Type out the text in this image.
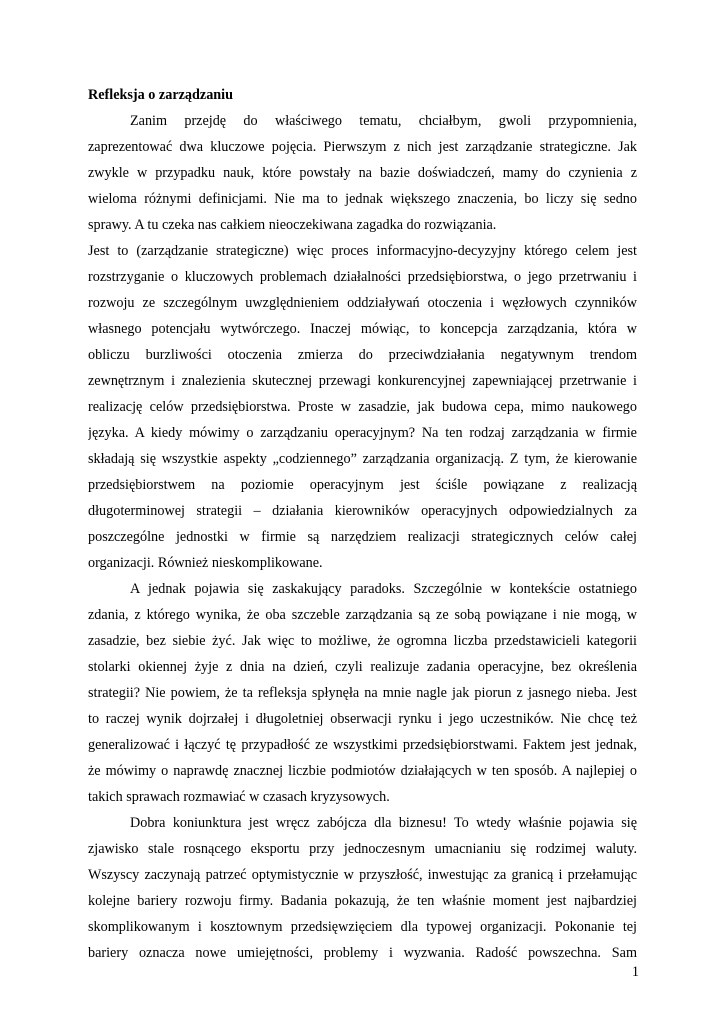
Refleksja o zarządzaniu
Zanim przejdę do właściwego tematu, chciałbym, gwoli przypomnienia,
zaprezentować dwa kluczowe pojęcia. Pierwszym z nich jest zarządzanie strategiczne. Jak
zwykle w przypadku nauk, które powstały na bazie doświadczeń, mamy do czynienia z
wieloma różnymi definicjami. Nie ma to jednak większego znaczenia, bo liczy się sedno
sprawy. A tu czeka nas całkiem nieoczekiwana zagadka do rozwiązania.
Jest to (zarządzanie strategiczne) więc proces informacyjno-decyzyjny którego celem jest
rozstrzyganie o kluczowych problemach działalności przedsiębiorstwa, o jego przetrwaniu i
rozwoju ze szczególnym uwzględnieniem oddziaływań otoczenia i węzłowych czynników
własnego potencjału wytwórczego. Inaczej mówiąc, to koncepcja zarządzania, która w
obliczu burzliwości otoczenia zmierza do przeciwdziałania negatywnym trendom
zewnętrznym i znalezienia skutecznej przewagi konkurencyjnej zapewniającej przetrwanie i
realizację celów przedsiębiorstwa. Proste w zasadzie, jak budowa cepa, mimo naukowego
języka. A kiedy mówimy o zarządzaniu operacyjnym? Na ten rodzaj zarządzania w firmie
składają się wszystkie aspekty „codziennego” zarządzania organizacją. Z tym, że kierowanie
przedsiębiorstwem na poziomie operacyjnym jest ściśle powiązane z realizacją
długoterminowej strategii – działania kierowników operacyjnych odpowiedzialnych za
poszczególne jednostki w firmie są narzędziem realizacji strategicznych celów całej
organizacji. Również nieskomplikowane.
A jednak pojawia się zaskakujący paradoks. Szczególnie w kontekście ostatniego
zdania, z którego wynika, że oba szczeble zarządzania są ze sobą powiązane i nie mogą, w
zasadzie, bez siebie żyć. Jak więc to możliwe, że ogromna liczba przedstawicieli kategorii
stolarki okiennej żyje z dnia na dzień, czyli realizuje zadania operacyjne, bez określenia
strategii? Nie powiem, że ta refleksja spłynęła na mnie nagle jak piorun z jasnego nieba. Jest
to raczej wynik dojrzałej i długoletniej obserwacji rynku i jego uczestników. Nie chcę też
generalizować i łączyć tę przypadłość ze wszystkimi przedsiębiorstwami. Faktem jest jednak,
że mówimy o naprawdę znacznej liczbie podmiotów działających w ten sposób. A najlepiej o
takich sprawach rozmawiać w czasach kryzysowych.
Dobra koniunktura jest wręcz zabójcza dla biznesu! To wtedy właśnie pojawia się
zjawisko stale rosnącego eksportu przy jednoczesnym umacnianiu się rodzimej waluty.
Wszyscy zaczynają patrzeć optymistycznie w przyszłość, inwestując za granicą i przełamując
kolejne bariery rozwoju firmy. Badania pokazują, że ten właśnie moment jest najbardziej
skomplikowanym i kosztownym przedsięwzięciem dla typowej organizacji. Pokonanie tej
bariery oznacza nowe umiejętności, problemy i wyzwania. Radość powszechna. Sam
1
